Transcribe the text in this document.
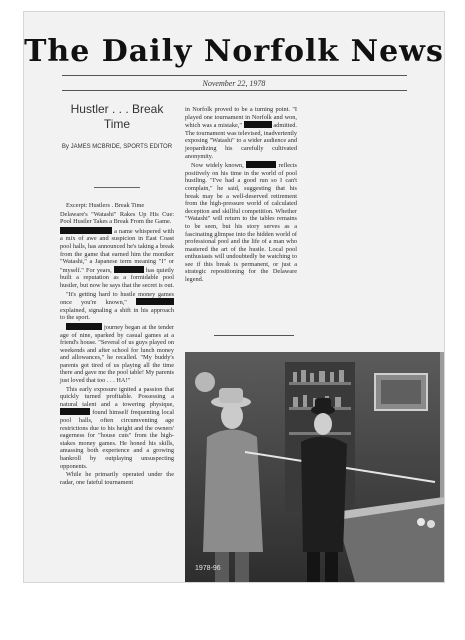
The Daily Norfolk News
November 22, 1978
Hustler . . . Break Time
By JAMES MCBRIDE, SPORTS EDITOR

Excerpt: Hustlers . Break Time

Delaware's "Watashi" Rakes Up His Cue: Pool Hustler Takes a Break From the Game.

a name whispered with a mix of awe and suspicion in East Coast pool halls, has announced he's taking a break from the game that earned him the moniker "Watashi," a Japanese term meaning "I" or "myself." For years,	has quietly built a reputation as a formidable pool hustler, but now he says that the secret is out.

"It's getting hard to hustle money games once you're known,"  explained, signaling a shift in his approach to the sport.

journey began at the tender age of nine, sparked by casual games at a friend's house. "Several of us guys played on weekends and after school for lunch money and allowances," he recalled. "My buddy's parents got tired of us playing all the time there and gave me the pool table! My parents just loved that too . . . HA!"

This early exposure ignited a passion that quickly turned profitable. Possessing a natural talent and a towering physique,  found himself frequenting local pool halls, often circumventing age restrictions due to his height and the owners' eagerness for "house cuts" from the high-stakes money games. He honed his skills, amassing both experience and a growing bankroll by outplaying unsuspecting opponents.

While he primarily operated under the radar, one fateful tournament

in Norfolk proved to be a turning point. "I played one tournament in Norfolk and won, which was a mistake,"	admitted. The tournament was televised, inadvertently exposing "Watashi" to a wider audience and jeopardizing his carefully cultivated anonymity.

Now widely known,	reflects positively on his time in the world of pool hustling. "I've had a good run so I can't complain," he said, suggesting that his break may be a well-deserved retirement from the high-pressure world of calculated deception and skillful competition. Whether "Watashi" will return to the tables remains to be seen, but his story serves as a fascinating glimpse into the hidden world of professional pool and the life of a man who mastered the art of the hustle. Local pool enthusiasts will undoubtedly be watching to see if this break is permanent, or just a strategic repositioning for the Delaware legend.

1978-96
